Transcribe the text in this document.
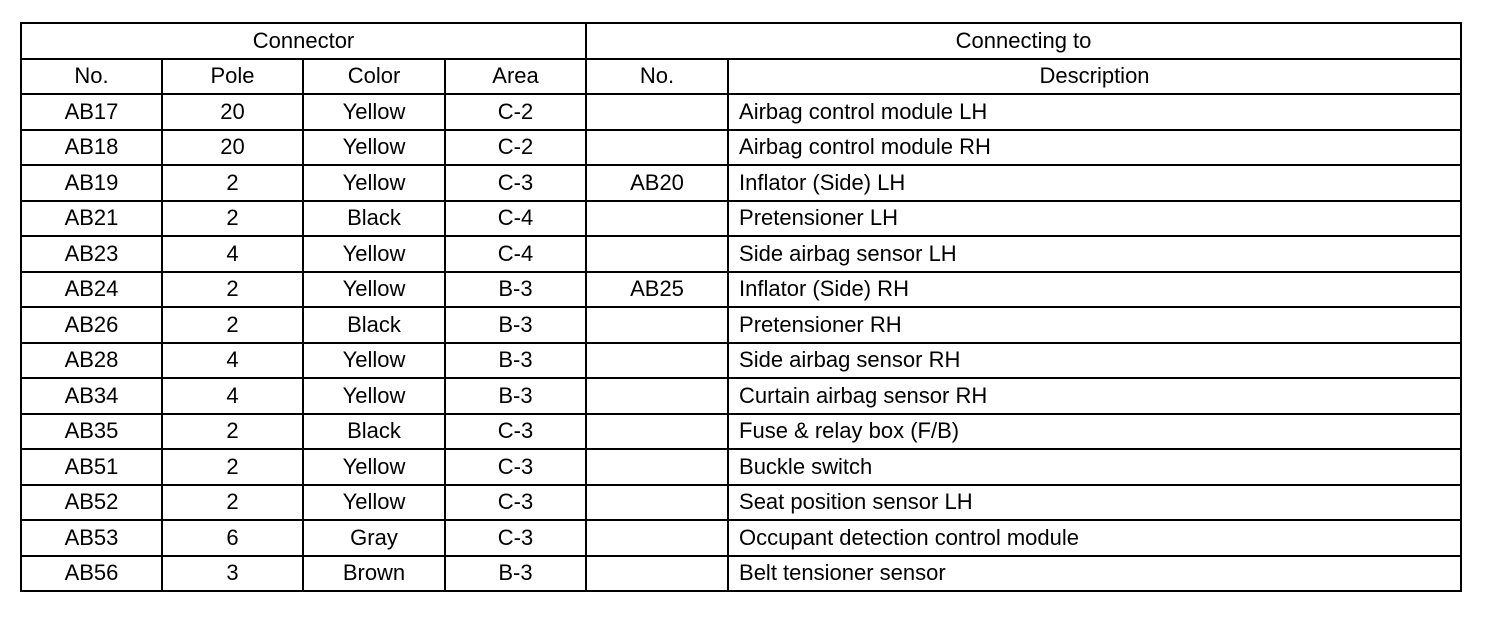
Connector				Connecting to	
No.	Pole	Color	Area	No.	Description
AB17	20	Yellow	C-2		Airbag control module LH
AB18	20	Yellow	C-2		Airbag control module RH
AB19	2	Yellow	C-3	AB20	Inflator (Side) LH
AB21	2	Black	C-4		Pretensioner LH
AB23	4	Yellow	C-4		Side airbag sensor LH
AB24	2	Yellow	B-3	AB25	Inflator (Side) RH
AB26	2	Black	B-3		Pretensioner RH
AB28	4	Yellow	B-3		Side airbag sensor RH
AB34	4	Yellow	B-3		Curtain airbag sensor RH
AB35	2	Black	C-3		Fuse & relay box (F/B)
AB51	2	Yellow	C-3		Buckle switch
AB52	2	Yellow	C-3		Seat position sensor LH
AB53	6	Gray	C-3		Occupant detection control module
AB56	3	Brown	B-3		Belt tensioner sensor
